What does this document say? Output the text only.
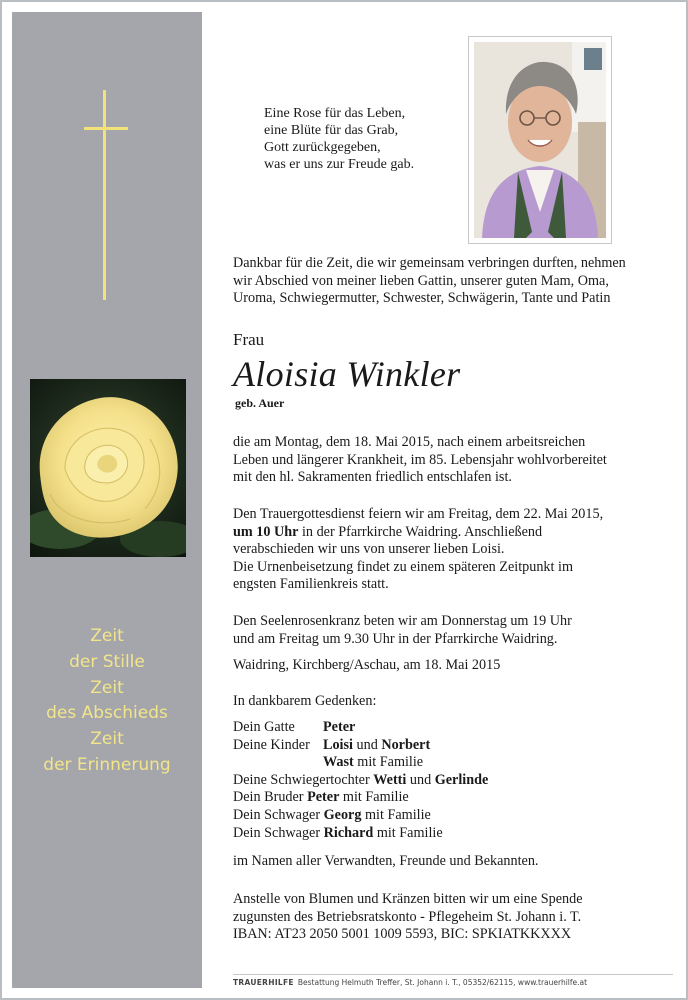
Zeit
der Stille
Zeit
des Abschieds
Zeit
der Erinnerung
Eine Rose für das Leben,
eine Blüte für das Grab,
Gott zurückgegeben,
was er uns zur Freude gab.
Dankbar für die Zeit, die wir gemeinsam verbringen durften, nehmen
wir Abschied von meiner lieben Gattin, unserer guten Mam, Oma,
Uroma, Schwiegermutter, Schwester, Schwägerin, Tante und Patin
Frau
Aloisia Winkler
geb. Auer
die am Montag, dem 18. Mai 2015, nach einem arbeitsreichen
Leben und längerer Krankheit, im 85. Lebensjahr wohlvorbereitet
mit den hl. Sakramenten friedlich entschlafen ist.
Den Trauergottesdienst feiern wir am Freitag, dem 22. Mai 2015,
um 10 Uhr in der Pfarrkirche Waidring. Anschließend
verabschieden wir uns von unserer lieben Loisi.
Die Urnenbeisetzung findet zu einem späteren Zeitpunkt im
engsten Familienkreis statt.
Den Seelenrosenkranz beten wir am Donnerstag um 19 Uhr
und am Freitag um 9.30 Uhr in der Pfarrkirche Waidring.
Waidring, Kirchberg/Aschau, am 18. Mai 2015
In dankbarem Gedenken:
Dein Gatte Peter
Deine Kinder Loisi und Norbert
Wast mit Familie
Deine Schwiegertochter Wetti und Gerlinde
Dein Bruder Peter mit Familie
Dein Schwager Georg mit Familie
Dein Schwager Richard mit Familie
im Namen aller Verwandten, Freunde und Bekannten.
Anstelle von Blumen und Kränzen bitten wir um eine Spende
zugunsten des Betriebsratskonto - Pflegeheim St. Johann i. T.
IBAN: AT23 2050 5001 1009 5593, BIC: SPKIATKKXXX
TRAUERHILFE Bestattung Helmuth Treffer, St. Johann i. T., 05352/62115, www.trauerhilfe.at
